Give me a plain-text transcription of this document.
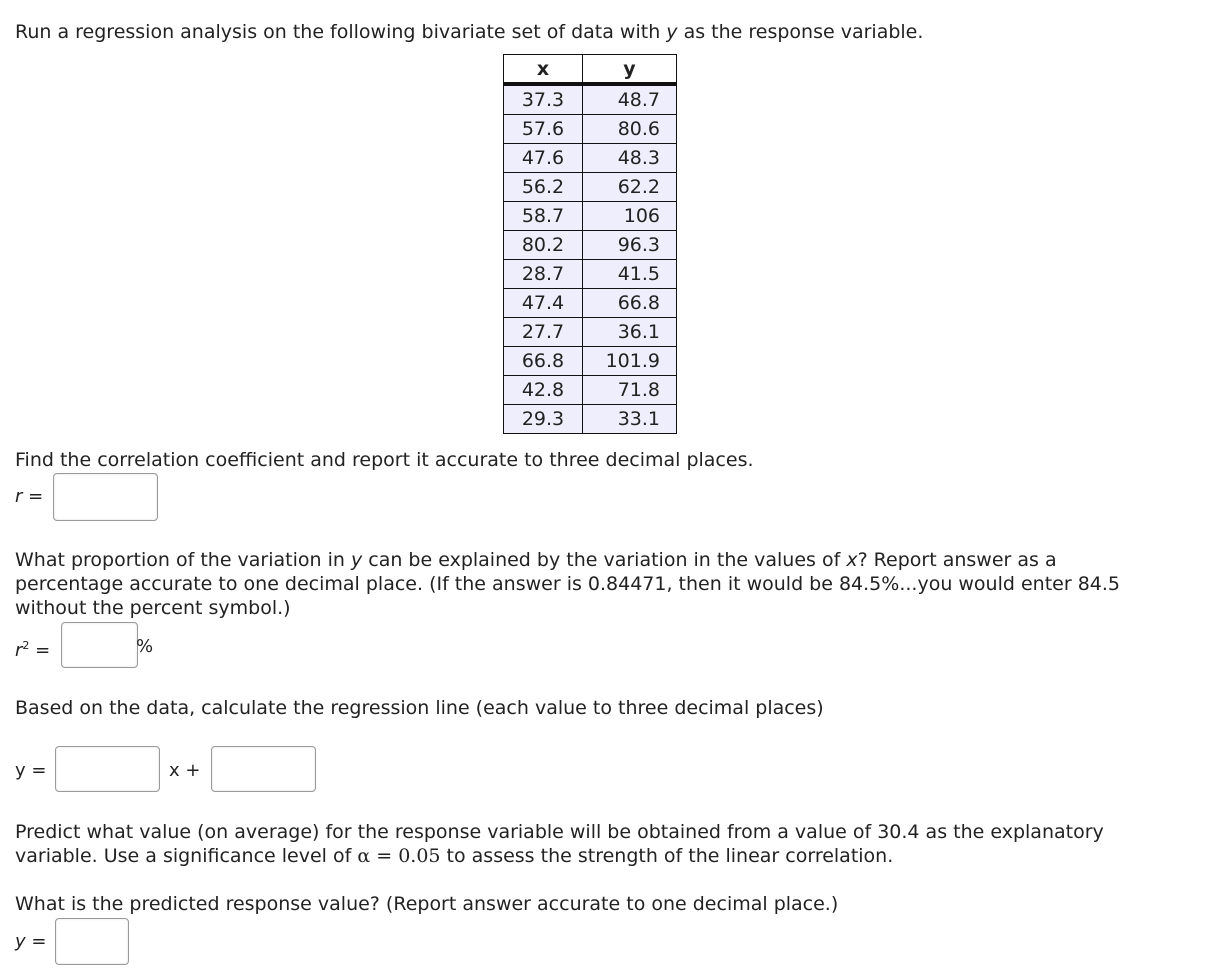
Run a regression analysis on the following bivariate set of data with y as the response variable.
x	y
37.3	48.7
57.6	80.6
47.6	48.3
56.2	62.2
58.7	106
80.2	96.3
28.7	41.5
47.4	66.8
27.7	36.1
66.8	101.9
42.8	71.8
29.3	33.1
Find the correlation coefficient and report it accurate to three decimal places.
r =
What proportion of the variation in y can be explained by the variation in the values of x? Report answer as a percentage accurate to one decimal place. (If the answer is 0.84471, then it would be 84.5%...you would enter 84.5 without the percent symbol.)
$r^2$ =	%
Based on the data, calculate the regression line (each value to three decimal places)
y =	x +
Predict what value (on average) for the response variable will be obtained from a value of 30.4 as the explanatory variable. Use a significance level of α = 0.05 to assess the strength of the linear correlation.
What is the predicted response value? (Report answer accurate to one decimal place.)
y =
